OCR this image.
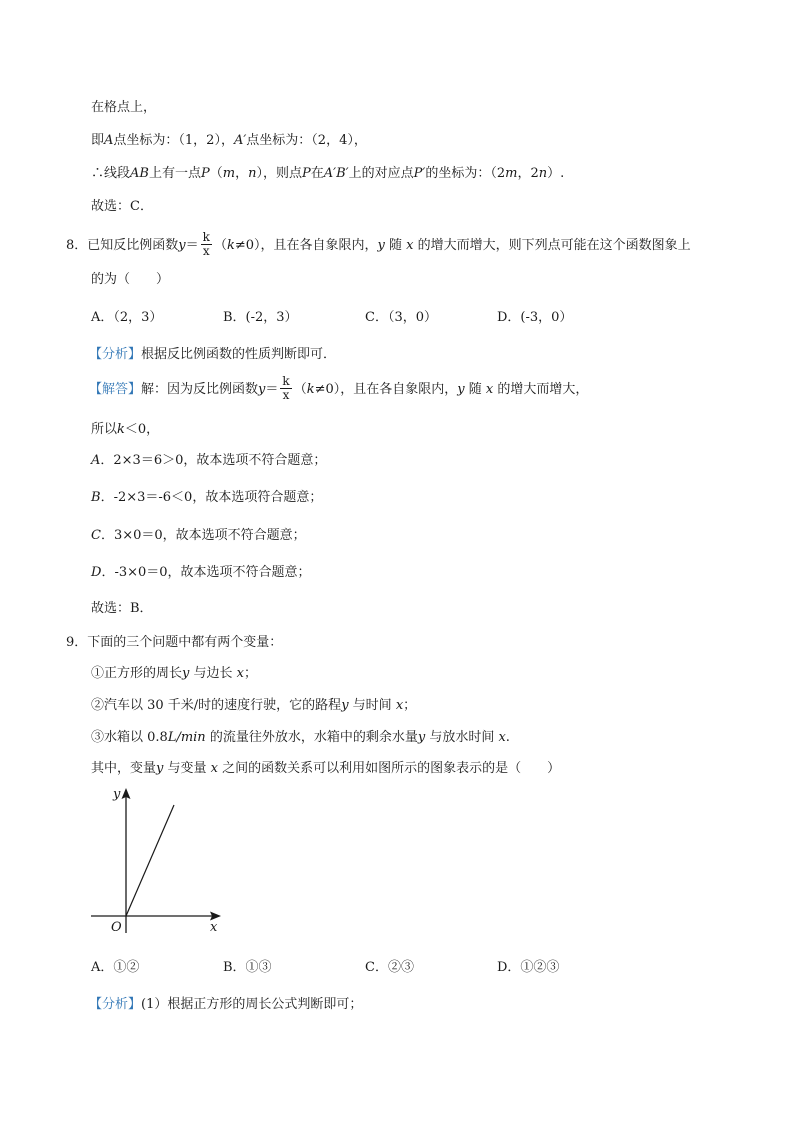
在格点上，
即A点坐标为：（1，2），A′点坐标为：（2，4），
∴线段AB上有一点P（m，n），则点P在A′B′上的对应点P′的坐标为：（2m，2n）.
故选：C．
8．已知反比例函数$y= \frac{k}{x} (k\ne 0)$，且在各自象限内，y 随 x 的增大而增大，则下列点可能在这个函数图象上
的为（　　）
A．（2，3）	B．(-2，3）	C．（3，0）	D．(-3，0）
【分析】根据反比例函数的性质判断即可．
【解答】解：因为反比例函数$y= \frac{k}{x} (k\ne 0)$，且在各自象限内，y 随 x 的增大而增大，
所以k＜0，
A．2×3＝6＞0，故本选项不符合题意；
B．-2×3＝-6＜0，故本选项符合题意；
C．3×0＝0，故本选项不符合题意；
D．-3×0＝0，故本选项不符合题意；
故选：B．
9．下面的三个问题中都有两个变量：
①正方形的周长y 与边长 x；
②汽车以 30 千米/时的速度行驶，它的路程y 与时间 x；
③水箱以 0.8L/min 的流量往外放水，水箱中的剩余水量y 与放水时间 x.
其中，变量y 与变量 x 之间的函数关系可以利用如图所示的图象表示的是（　　）
y
x
O
A．①②	B．①③	C．②③	D．①②③
【分析】(1）根据正方形的周长公式判断即可；
